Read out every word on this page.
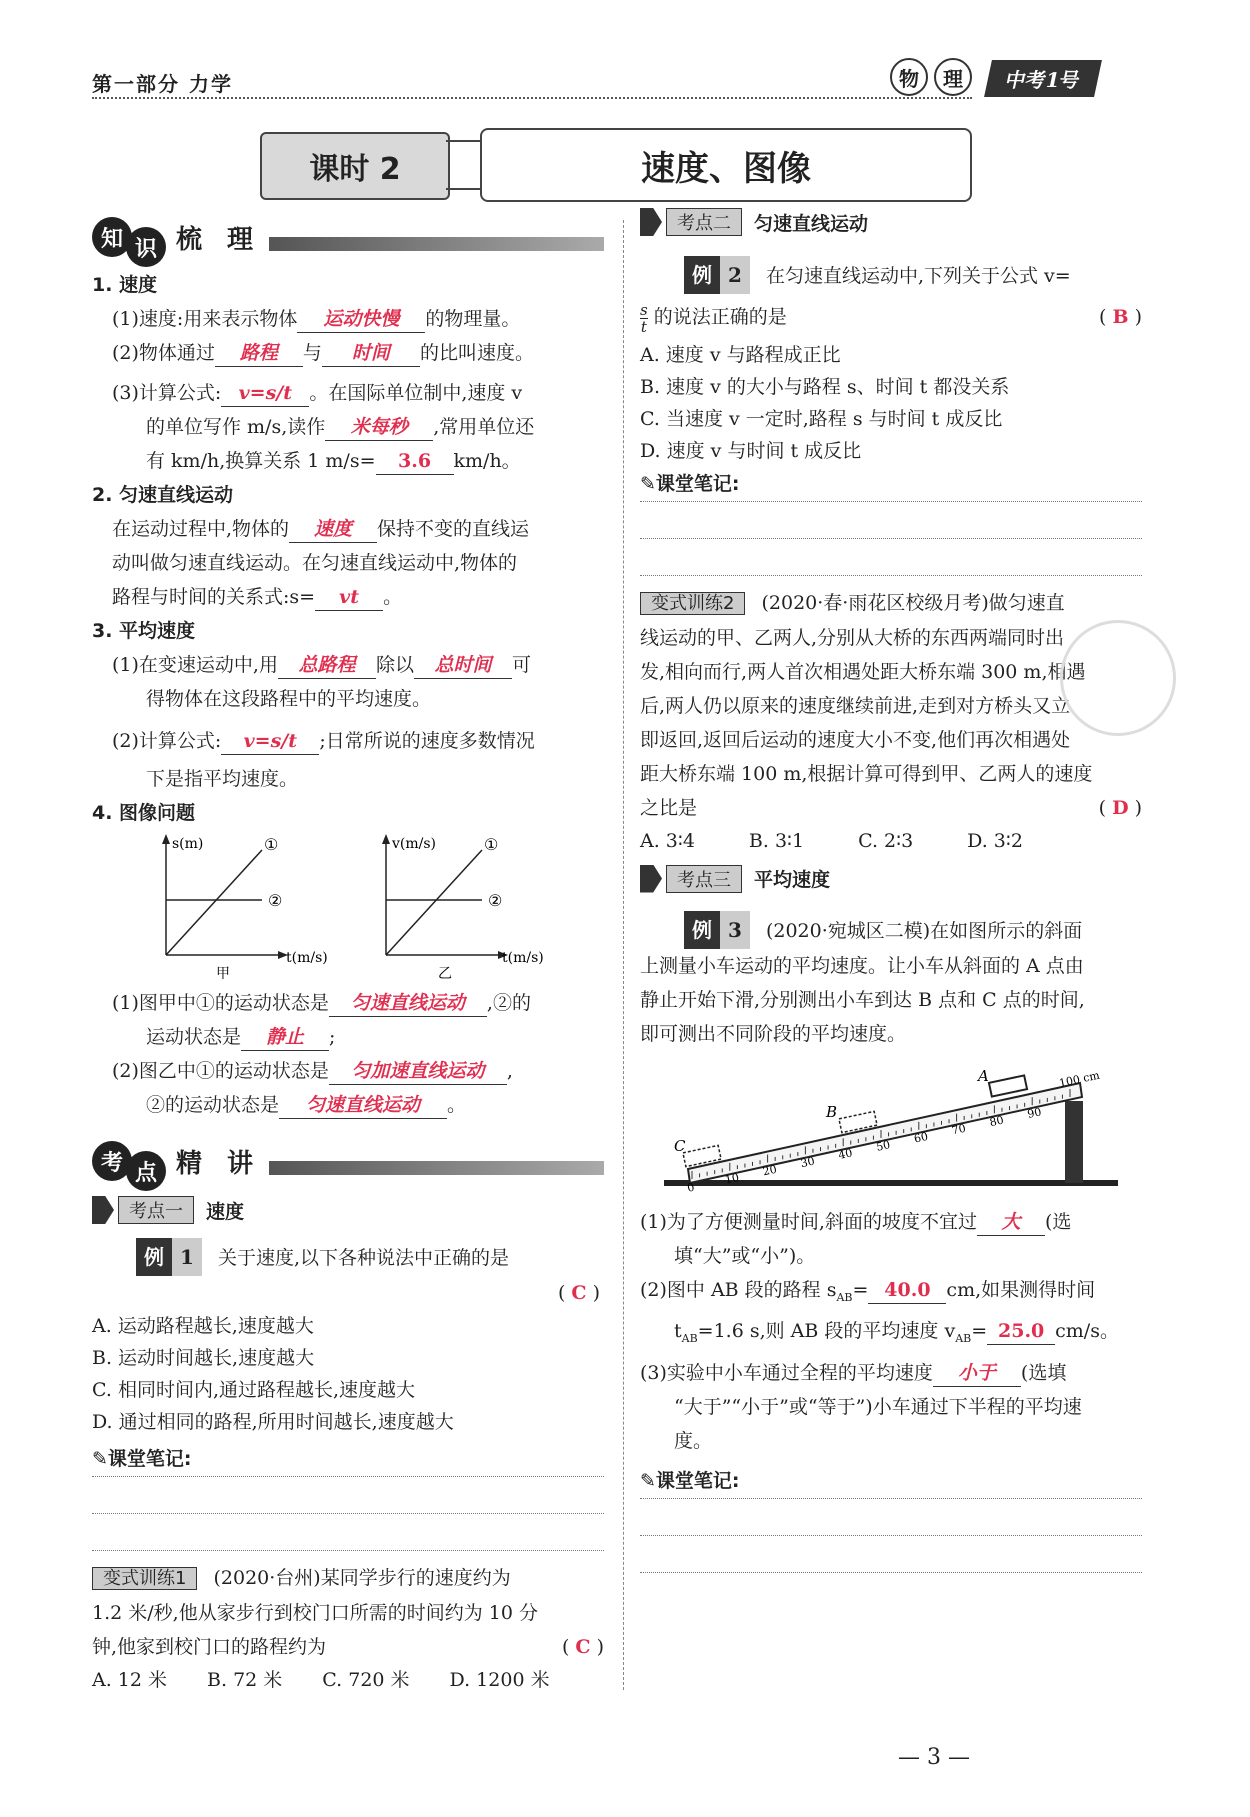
第一部分 力学	物	理	中考1号
课时 2	速度、图像
知 识 梳 理
1. 速度
(1)速度:用来表示物体 运动快慢 的物理量。
(2)物体通过 路程 与 时间 的比叫速度。
(3)计算公式: v=s/t 。在国际单位制中,速度 v
的单位写作 m/s,读作 米每秒 ,常用单位还
有 km/h,换算关系 1 m/s= 3.6 km/h。
2. 匀速直线运动
在运动过程中,物体的 速度 保持不变的直线运
动叫做匀速直线运动。在匀速直线运动中,物体的
路程与时间的关系式:s= vt 。
3. 平均速度
(1)在变速运动中,用 总路程 除以 总时间 可
得物体在这段路程中的平均速度。
(2)计算公式: v=s/t ;日常所说的速度多数情况
下是指平均速度。
4. 图像问题
s(m)
t(m/s)
①
②
甲
v(m/s)
t(m/s)
①
②
乙
(1)图甲中①的运动状态是 匀速直线运动 ,②的
运动状态是 静止 ;
(2)图乙中①的运动状态是 匀加速直线运动 ,
②的运动状态是 匀速直线运动 。
考 点 精 讲
考点一	速度
例 1	关于速度,以下各种说法中正确的是
( C )
A. 运动路程越长,速度越大
B. 运动时间越长,速度越大
C. 相同时间内,通过路程越长,速度越大
D. 通过相同的路程,所用时间越长,速度越大
✎课堂笔记:
变式训练1 (2020·台州)某同学步行的速度约为
1.2 米/秒,他从家步行到校门口所需的时间约为 10 分
钟,他家到校门口的路程约为	( C )
A. 12 米 B. 72 米 C. 720 米 D. 1200 米
考点二	匀速直线运动
例 2	在匀速直线运动中,下列关于公式 v=
$\frac{s}{t}$ 的说法正确的是	( B )
A. 速度 v 与路程成正比
B. 速度 v 的大小与路程 s、时间 t 都没关系
C. 当速度 v 一定时,路程 s 与时间 t 成反比
D. 速度 v 与时间 t 成反比
✎课堂笔记:
变式训练2 (2020·春·雨花区校级月考)做匀速直
线运动的甲、乙两人,分别从大桥的东西两端同时出
发,相向而行,两人首次相遇处距大桥东端 300 m,相遇
后,两人仍以原来的速度继续前进,走到对方桥头又立
即返回,返回后运动的速度大小不变,他们再次相遇处
距大桥东端 100 m,根据计算可得到甲、乙两人的速度
之比是	( D )
A. 3∶4	B. 3∶1	C. 2∶3	D. 3∶2
考点三	平均速度
例 3	(2020·宛城区二模)在如图所示的斜面
上测量小车运动的平均速度。让小车从斜面的 A 点由
静止开始下滑,分别测出小车到达 B 点和 C 点的时间,
即可测出不同阶段的平均速度。
0
10
20
30
40
50
60
70
80
90
A
B
C
100 cm
(1)为了方便测量时间,斜面的坡度不宜过 大 (选
填“大”或“小”)。
(2)图中 AB 段的路程 $s_{AB}= 40.0$ cm,如果测得时间
$t_{AB}=1.6$ s,则 AB 段的平均速度 $v_{AB}= 25.0$ cm/s。
(3)实验中小车通过全程的平均速度 小于 (选填
“大于”“小于”或“等于”)小车通过下半程的平均速
度。
✎课堂笔记:
— 3 —
